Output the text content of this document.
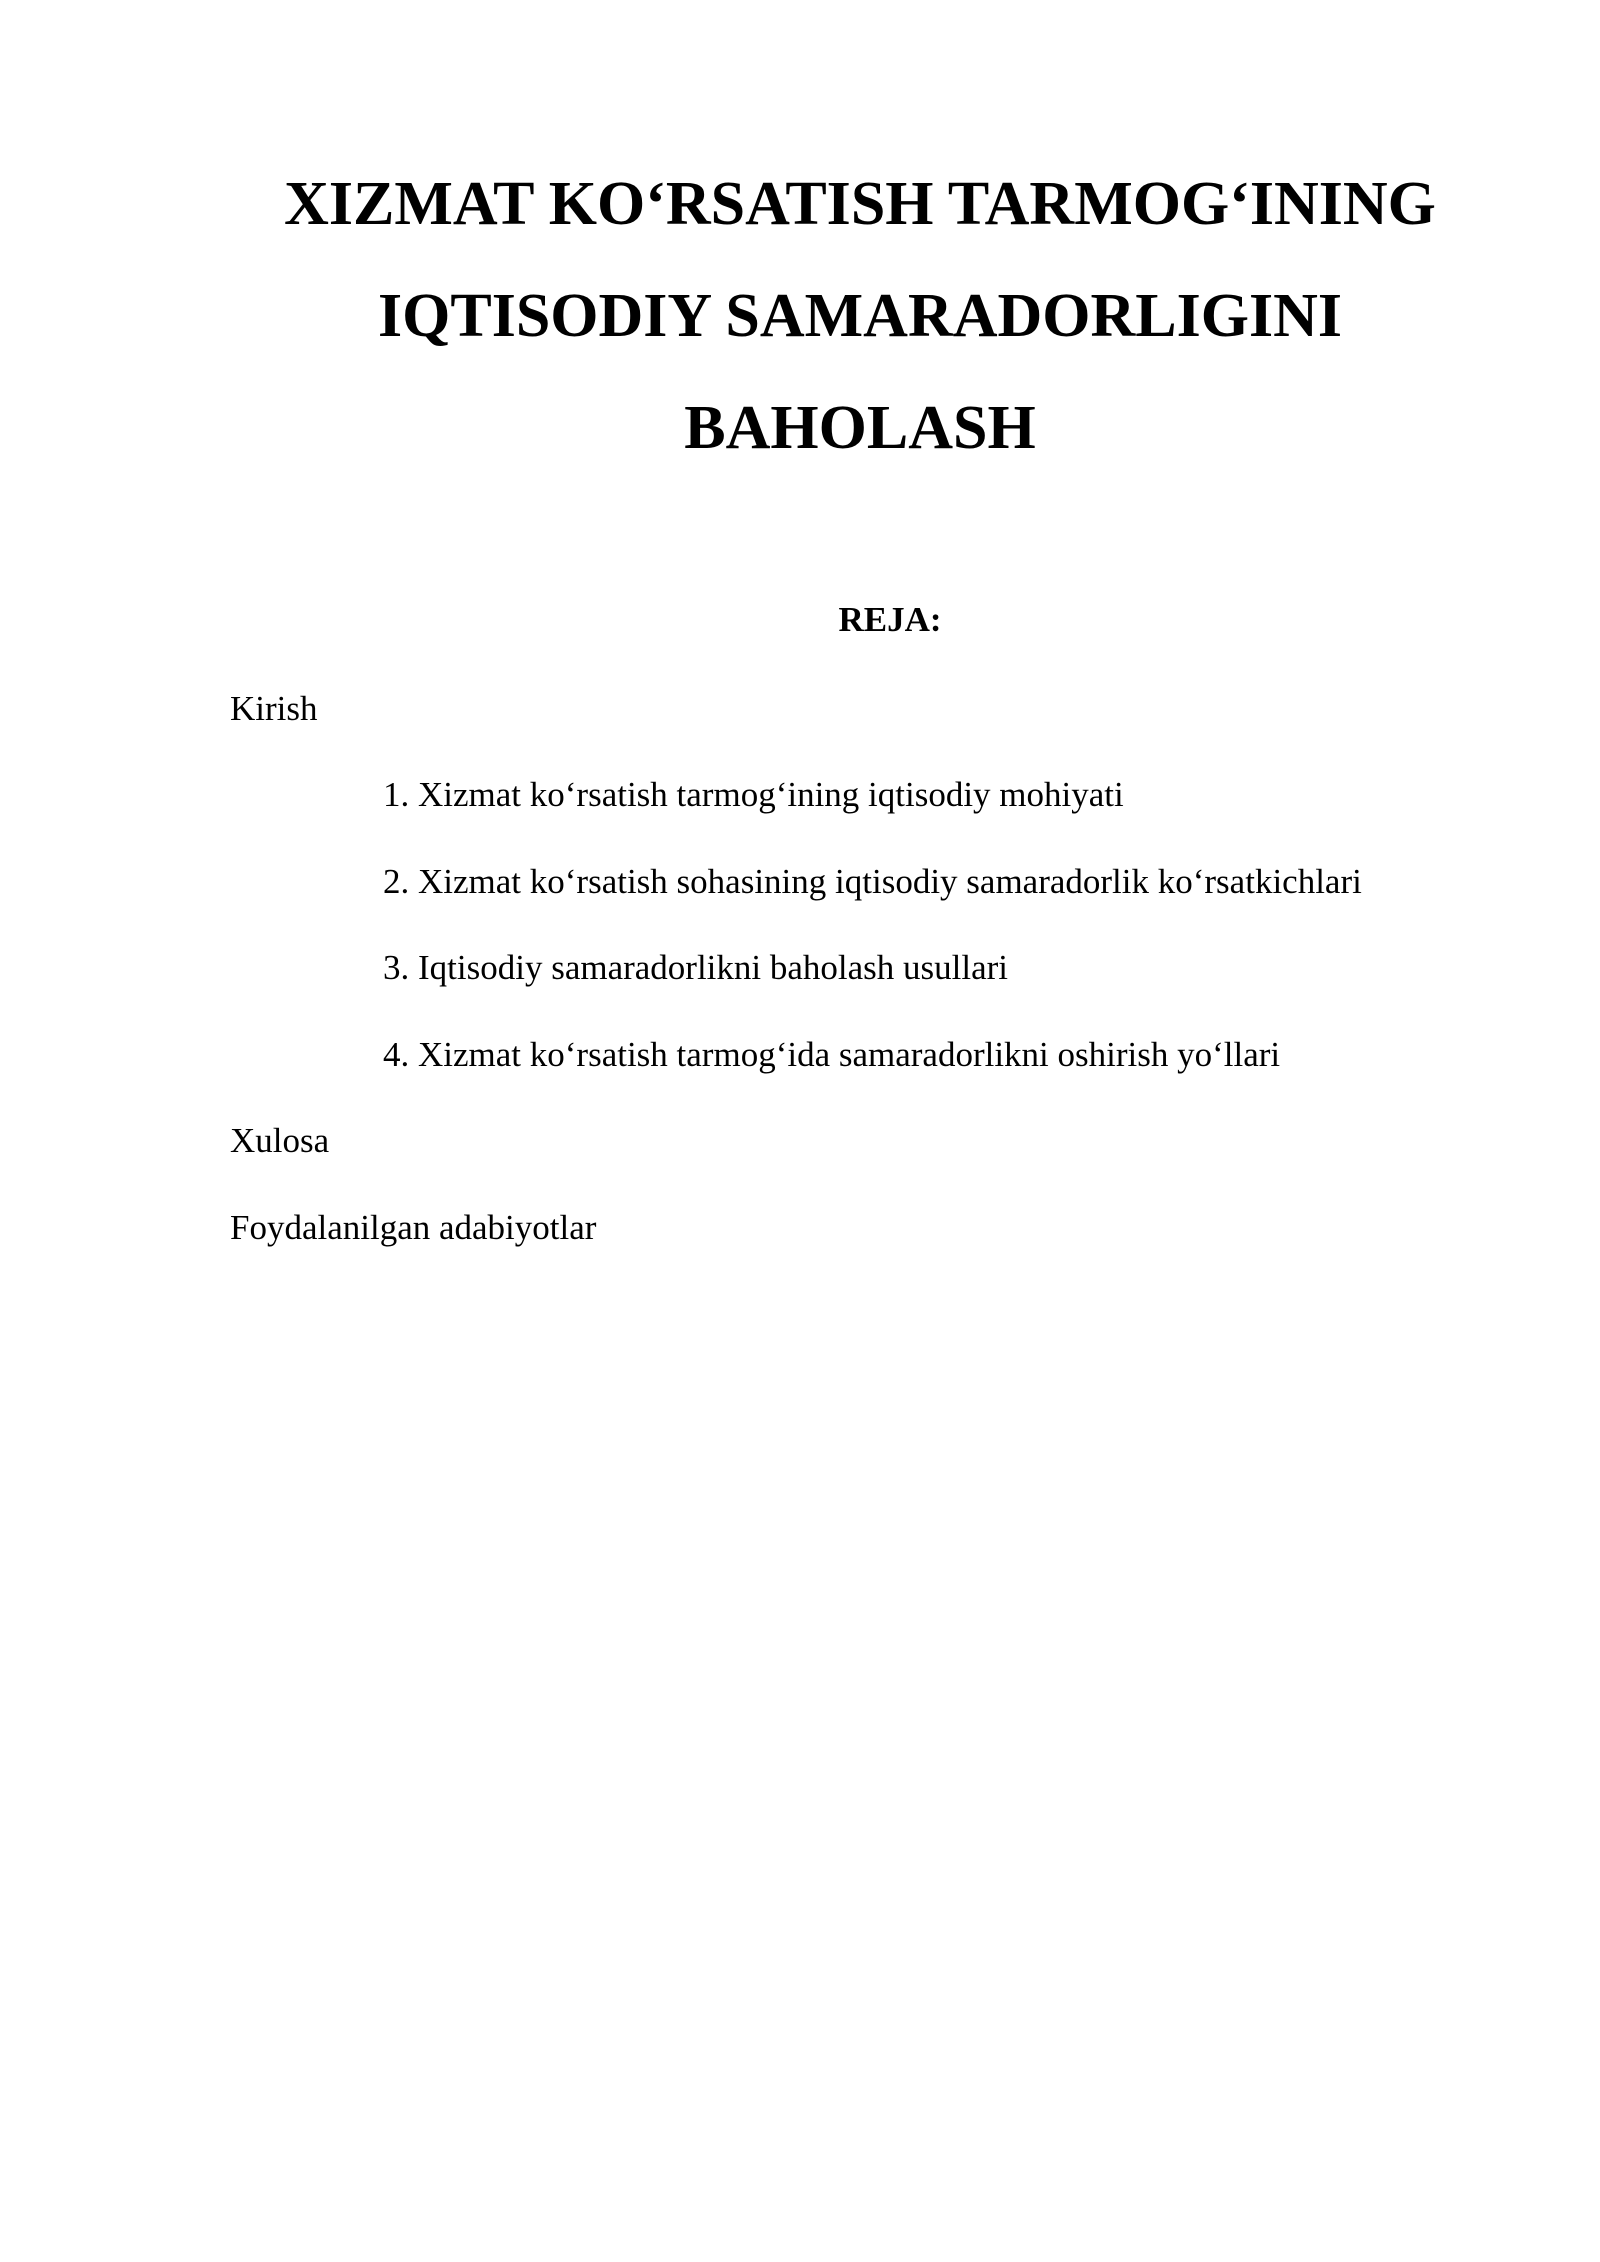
XIZMAT KO‘RSATISH TARMOG‘INING
IQTISODIY SAMARADORLIGINI
BAHOLASH

REJA:

Kirish

1. Xizmat ko‘rsatish tarmog‘ining iqtisodiy mohiyati

2. Xizmat ko‘rsatish sohasining iqtisodiy samaradorlik ko‘rsatkichlari

3. Iqtisodiy samaradorlikni baholash usullari

4. Xizmat ko‘rsatish tarmog‘ida samaradorlikni oshirish yo‘llari

Xulosa

Foydalanilgan adabiyotlar
